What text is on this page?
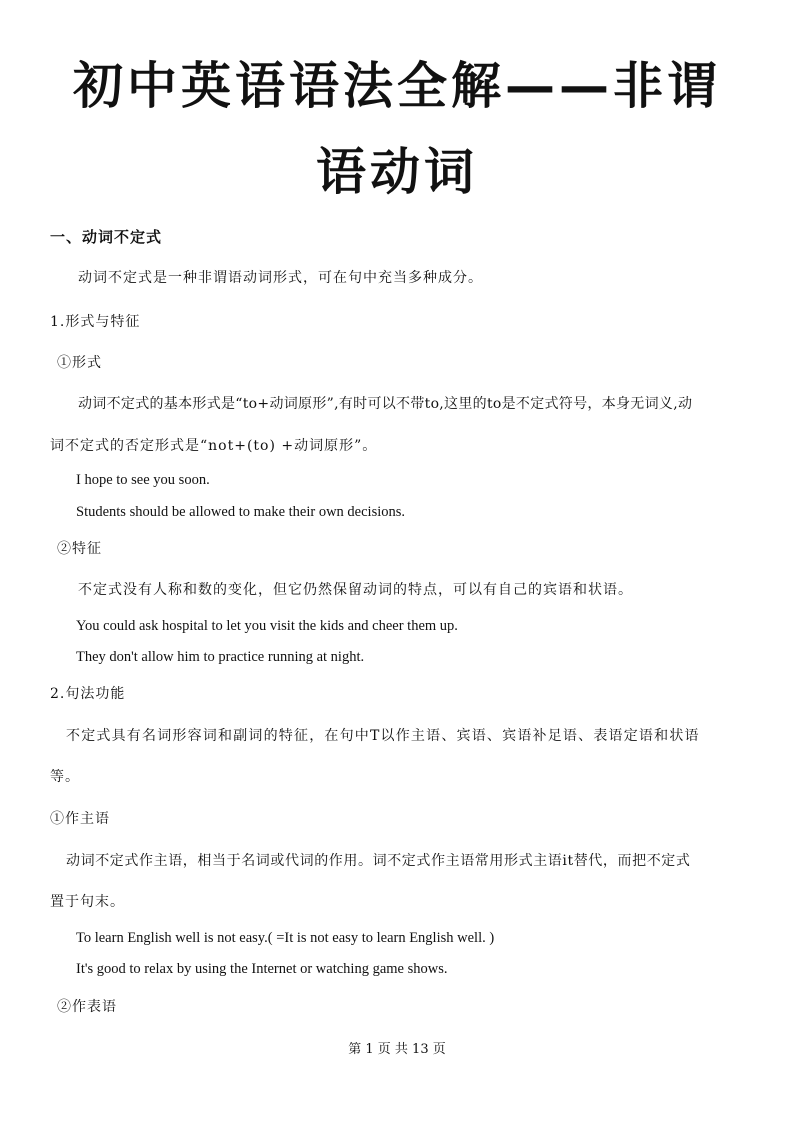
初中英语语法全解——非谓
语动词
一、动词不定式
动词不定式是一种非谓语动词形式，可在句中充当多种成分。
1.形式与特征
①形式
动词不定式的基本形式是“to+动词原形”,有时可以不带to,这里的to是不定式符号，本身无词义,动
词不定式的否定形式是“not+(to) +动词原形”。
I hope to see you soon.
Students should be allowed to make their own decisions.
②特征
不定式没有人称和数的变化，但它仍然保留动词的特点，可以有自己的宾语和状语。
You could ask hospital to let you visit the kids and cheer them up.
They don't allow him to practice running at night.
2.句法功能
不定式具有名词形容词和副词的特征，在句中T以作主语、宾语、宾语补足语、表语定语和状语
等。
①作主语
动词不定式作主语，相当于名词或代词的作用。词不定式作主语常用形式主语it替代，而把不定式
置于句末。
To learn English well is not easy.( =It is not easy to learn English well. )
It's good to relax by using the Internet or watching game shows.
②作表语
第 1 页 共 13 页
